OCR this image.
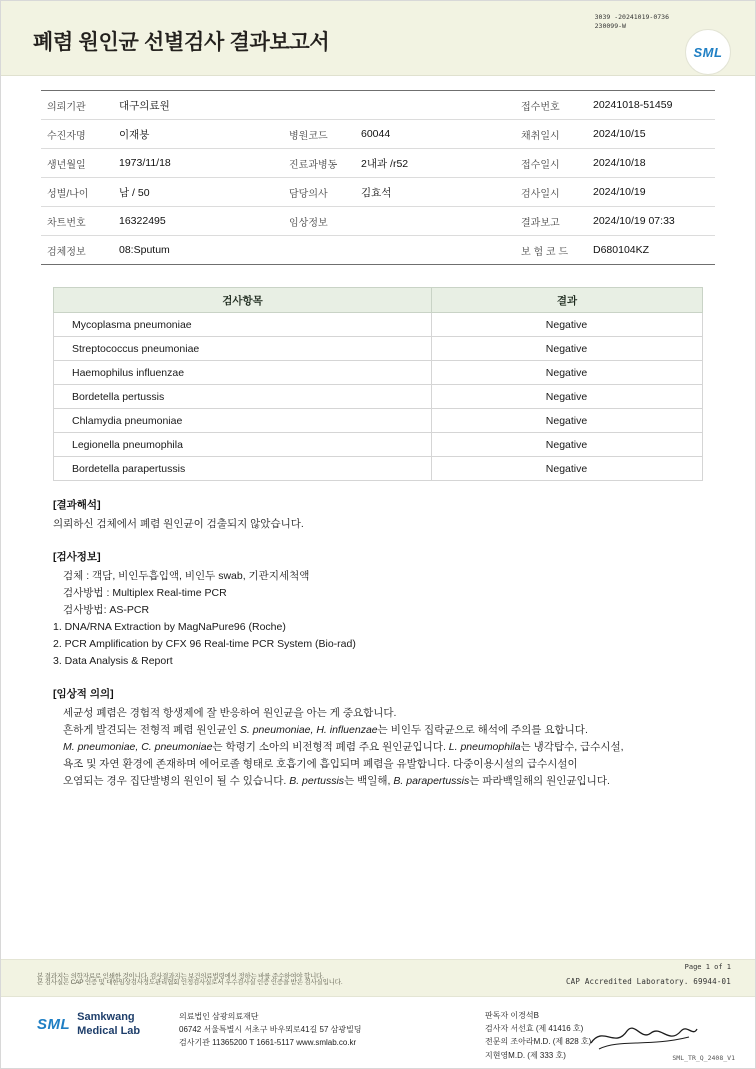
폐렴 원인균 선별검사 결과보고서
3039 -20241019-0736
230099-W
SML
의뢰기관	대구의료원			접수번호	20241018-51459
수진자명	이재붕	병원코드	60044	채취일시	2024/10/15
생년월일	1973/11/18	진료과병동	2내과 /r52	접수일시	2024/10/18
성별/나이	남 / 50	담당의사	김효석	검사일시	2024/10/19
차트번호	16322495	임상정보		결과보고	2024/10/19 07:33
검체정보	08:Sputum			보 험 코 드	D680104KZ
검사항목	결과
Mycoplasma pneumoniae	Negative
Streptococcus pneumoniae	Negative
Haemophilus influenzae	Negative
Bordetella pertussis	Negative
Chlamydia pneumoniae	Negative
Legionella pneumophila	Negative
Bordetella parapertussis	Negative
[결과해석]
의뢰하신 검체에서 폐렴 원인균이 검출되지 않았습니다.
[검사정보]
검체 : 객담, 비인두흡입액, 비인두 swab, 기관지세척액
검사방법 : Multiplex Real-time PCR
검사방법: AS-PCR
1. DNA/RNA Extraction by MagNaPure96 (Roche)
2. PCR Amplification by CFX 96 Real-time PCR System (Bio-rad)
3. Data Analysis & Report
[임상적 의의]
세균성 폐렴은 경험적 항생제에 잘 반응하여 원인균을 아는 게 중요합니다.
흔하게 발견되는 전형적 폐렴 원인균인 S. pneumoniae, H. influenzae는 비인두 집락균으로 해석에 주의를 요합니다.
M. pneumoniae, C. pneumoniae는 학령기 소아의 비전형적 폐렴 주요 원인균입니다. L. pneumophila는 냉각탑수, 급수시설,
욕조 및 자연 환경에 존재하며 에어로졸 형태로 호흡기에 흡입되며 폐렴을 유발합니다. 다중이용시설의 급수시설이
오염되는 경우 집단발병의 원인이 될 수 있습니다. B. pertussis는 백일해, B. parapertussis는 파라백일해의 원인균입니다.
본 결과지는 의학자료로 인쇄한 것이니다. 검사결과지는 보건의료법령에서 정하는 바를 준수하여야 합니다.
본 검사실은 CAP 인증 및 대한임상검사정도관리협회 인정검사실로서 우수검사실 인증 인증을 받은 검사실입니다.
Page 1 of 1
CAP Accredited Laboratory. 69944-01
SML Samkwang
Medical Lab
의료법인 삼광의료재단
06742 서울특별시 서초구 바우뫼로41길 57 삼광빌딩
검사기관 11365200 T 1661-5117 www.smlab.co.kr
판독자 이경석B
검사자 서선효 (제 41416 호)
전문의 조아라M.D. (제 828 호)
지현영M.D. (제 333 호)	SML_TR_Q_2408_V1
